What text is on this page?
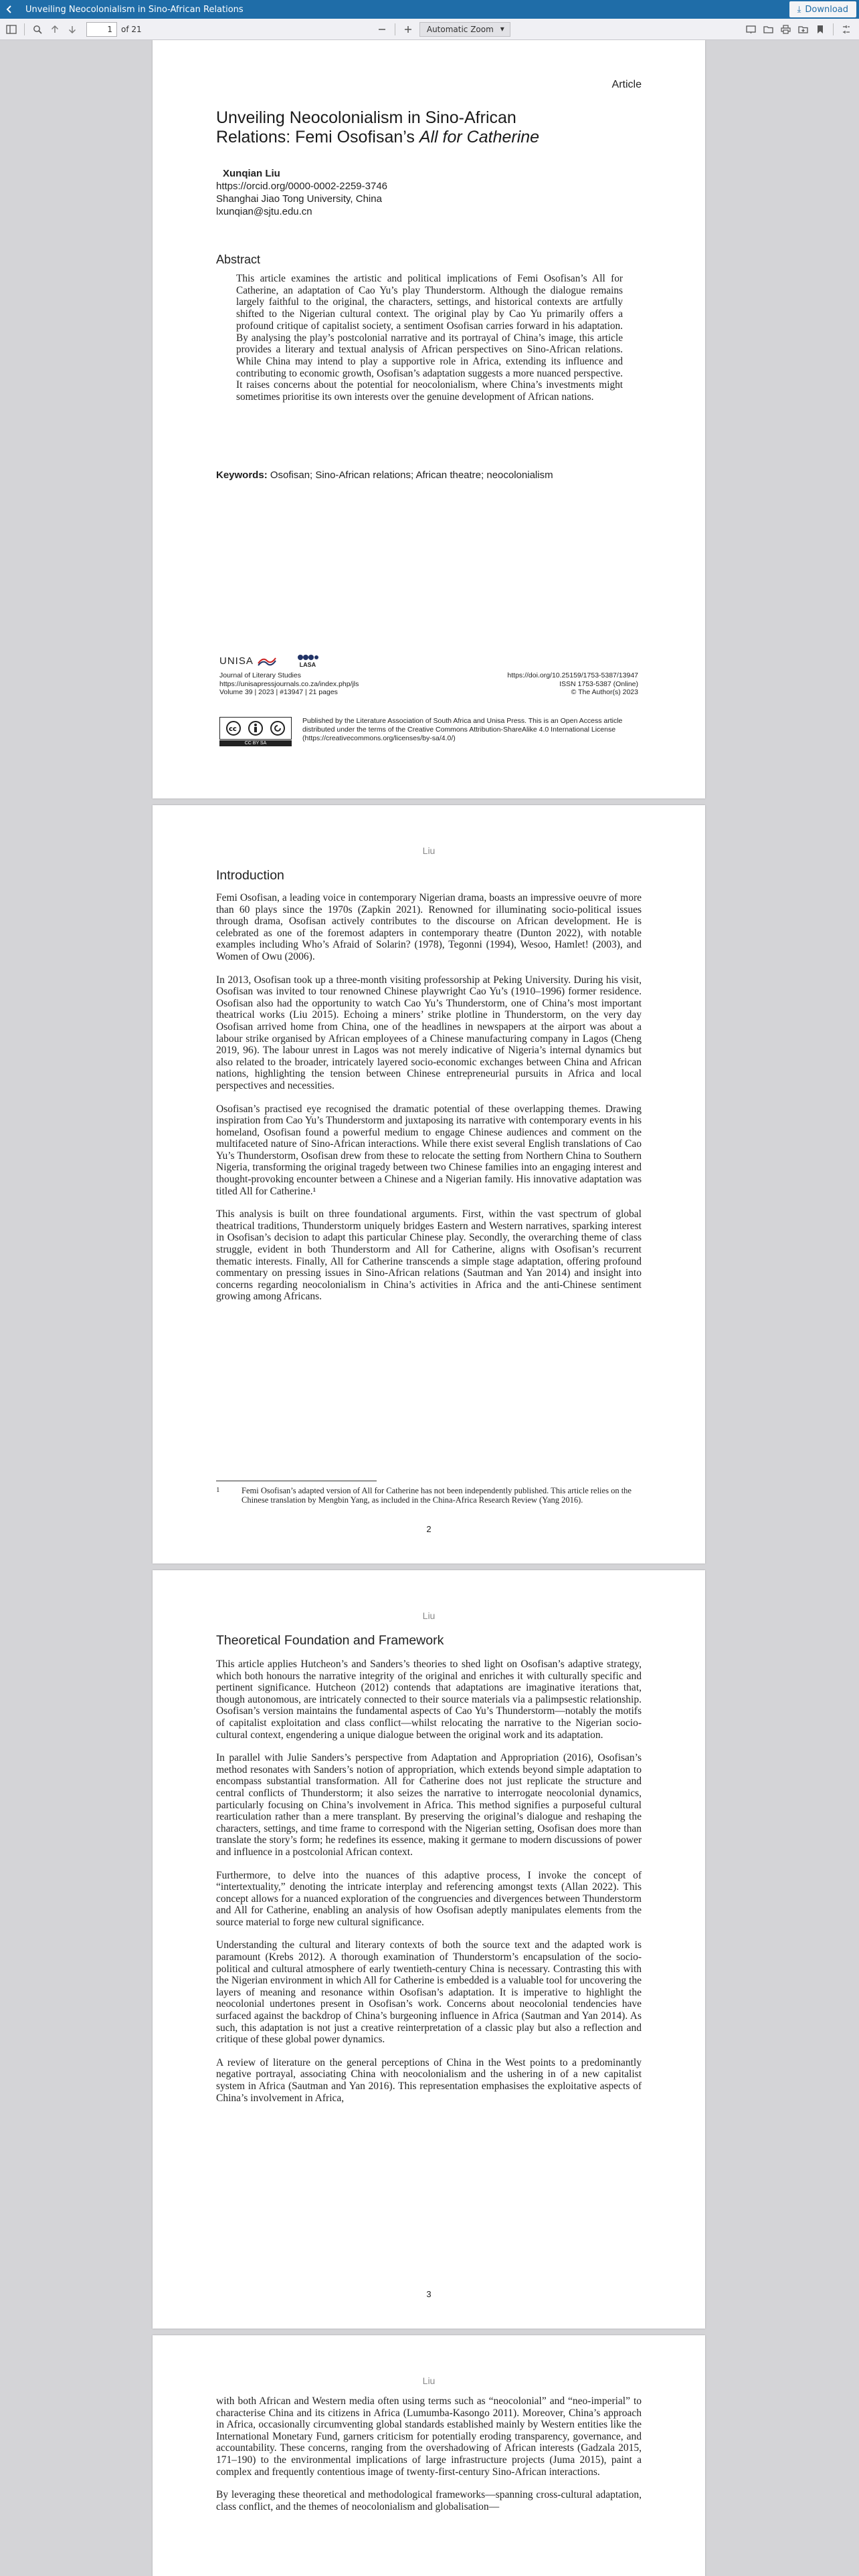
Unveiling Neocolonialism in Sino-African Relations	⤓ Download
1	of 21	Automatic Zoom ▾
Article
Unveiling Neocolonialism in Sino-African
Relations: Femi Osofisan’s All for Catherine
Xunqian Liu
https://orcid.org/0000-0002-2259-3746
Shanghai Jiao Tong University, China
lxunqian@sjtu.edu.cn
Abstract
This article examines the artistic and political implications of Femi Osofisan’s All for Catherine, an adaptation of Cao Yu’s play Thunderstorm. Although the dialogue remains largely faithful to the original, the characters, settings, and historical contexts are artfully shifted to the Nigerian cultural context. The original play by Cao Yu primarily offers a profound critique of capitalist society, a sentiment Osofisan carries forward in his adaptation. By analysing the play’s postcolonial narrative and its portrayal of China’s image, this article provides a literary and textual analysis of African perspectives on Sino-African relations. While China may intend to play a supportive role in Africa, extending its influence and contributing to economic growth, Osofisan’s adaptation suggests a more nuanced perspective. It raises concerns about the potential for neocolonialism, where China’s investments might sometimes prioritise its own interests over the genuine development of African nations.
Keywords: Osofisan; Sino-African relations; African theatre; neocolonialism
UNISA	LASA
Journal of Literary Studies
https://unisapressjournals.co.za/index.php/jls
Volume 39 | 2023 | #13947 | 21 pages
https://doi.org/10.25159/1753-5387/13947
ISSN 1753-5387 (Online)
© The Author(s) 2023
cc
CC BY SA
Published by the Literature Association of South Africa and Unisa Press. This is an Open Access article distributed under the terms of the Creative Commons Attribution-ShareAlike 4.0 International License (https://creativecommons.org/licenses/by-sa/4.0/)
Liu
Introduction

Femi Osofisan, a leading voice in contemporary Nigerian drama, boasts an impressive oeuvre of more than 60 plays since the 1970s (Zapkin 2021). Renowned for illuminating socio-political issues through drama, Osofisan actively contributes to the discourse on African development. He is celebrated as one of the foremost adapters in contemporary theatre (Dunton 2022), with notable examples including Who’s Afraid of Solarin? (1978), Tegonni (1994), Wesoo, Hamlet! (2003), and Women of Owu (2006).

In 2013, Osofisan took up a three-month visiting professorship at Peking University. During his visit, Osofisan was invited to tour renowned Chinese playwright Cao Yu’s (1910–1996) former residence. Osofisan also had the opportunity to watch Cao Yu’s Thunderstorm, one of China’s most important theatrical works (Liu 2015). Echoing a miners’ strike plotline in Thunderstorm, on the very day Osofisan arrived home from China, one of the headlines in newspapers at the airport was about a labour strike organised by African employees of a Chinese manufacturing company in Lagos (Cheng 2019, 96). The labour unrest in Lagos was not merely indicative of Nigeria’s internal dynamics but also related to the broader, intricately layered socio-economic exchanges between China and African nations, highlighting the tension between Chinese entrepreneurial pursuits in Africa and local perspectives and necessities.

Osofisan’s practised eye recognised the dramatic potential of these overlapping themes. Drawing inspiration from Cao Yu’s Thunderstorm and juxtaposing its narrative with contemporary events in his homeland, Osofisan found a powerful medium to engage Chinese audiences and comment on the multifaceted nature of Sino-African interactions. While there exist several English translations of Cao Yu’s Thunderstorm, Osofisan drew from these to relocate the setting from Northern China to Southern Nigeria, transforming the original tragedy between two Chinese families into an engaging interest and thought-provoking encounter between a Chinese and a Nigerian family. His innovative adaptation was titled All for Catherine.¹

This analysis is built on three foundational arguments. First, within the vast spectrum of global theatrical traditions, Thunderstorm uniquely bridges Eastern and Western narratives, sparking interest in Osofisan’s decision to adapt this particular Chinese play. Secondly, the overarching theme of class struggle, evident in both Thunderstorm and All for Catherine, aligns with Osofisan’s recurrent thematic interests. Finally, All for Catherine transcends a simple stage adaptation, offering profound commentary on pressing issues in Sino-African relations (Sautman and Yan 2014) and insight into concerns regarding neocolonialism in China’s activities in Africa and the anti-Chinese sentiment growing among Africans.

1	Femi Osofisan’s adapted version of All for Catherine has not been independently published. This article relies on the Chinese translation by Mengbin Yang, as included in the China-Africa Research Review (Yang 2016).
2
Liu
Theoretical Foundation and Framework

This article applies Hutcheon’s and Sanders’s theories to shed light on Osofisan’s adaptive strategy, which both honours the narrative integrity of the original and enriches it with culturally specific and pertinent significance. Hutcheon (2012) contends that adaptations are imaginative iterations that, though autonomous, are intricately connected to their source materials via a palimpsestic relationship. Osofisan’s version maintains the fundamental aspects of Cao Yu’s Thunderstorm—notably the motifs of capitalist exploitation and class conflict—whilst relocating the narrative to the Nigerian socio-cultural context, engendering a unique dialogue between the original work and its adaptation.

In parallel with Julie Sanders’s perspective from Adaptation and Appropriation (2016), Osofisan’s method resonates with Sanders’s notion of appropriation, which extends beyond simple adaptation to encompass substantial transformation. All for Catherine does not just replicate the structure and central conflicts of Thunderstorm; it also seizes the narrative to interrogate neocolonial dynamics, particularly focusing on China’s involvement in Africa. This method signifies a purposeful cultural rearticulation rather than a mere transplant. By preserving the original’s dialogue and reshaping the characters, settings, and time frame to correspond with the Nigerian setting, Osofisan does more than translate the story’s form; he redefines its essence, making it germane to modern discussions of power and influence in a postcolonial African context.

Furthermore, to delve into the nuances of this adaptive process, I invoke the concept of “intertextuality,” denoting the intricate interplay and referencing amongst texts (Allan 2022). This concept allows for a nuanced exploration of the congruencies and divergences between Thunderstorm and All for Catherine, enabling an analysis of how Osofisan adeptly manipulates elements from the source material to forge new cultural significance.

Understanding the cultural and literary contexts of both the source text and the adapted work is paramount (Krebs 2012). A thorough examination of Thunderstorm’s encapsulation of the socio-political and cultural atmosphere of early twentieth-century China is necessary. Contrasting this with the Nigerian environment in which All for Catherine is embedded is a valuable tool for uncovering the layers of meaning and resonance within Osofisan’s adaptation. It is imperative to highlight the neocolonial undertones present in Osofisan’s work. Concerns about neocolonial tendencies have surfaced against the backdrop of China’s burgeoning influence in Africa (Sautman and Yan 2014). As such, this adaptation is not just a creative reinterpretation of a classic play but also a reflection and critique of these global power dynamics.

A review of literature on the general perceptions of China in the West points to a predominantly negative portrayal, associating China with neocolonialism and the ushering in of a new capitalist system in Africa (Sautman and Yan 2016). This representation emphasises the exploitative aspects of China’s involvement in Africa,

3
Liu

with both African and Western media often using terms such as “neocolonial” and “neo-imperial” to characterise China and its citizens in Africa (Lumumba-Kasongo 2011). Moreover, China’s approach in Africa, occasionally circumventing global standards established mainly by Western entities like the International Monetary Fund, garners criticism for potentially eroding transparency, governance, and accountability. These concerns, ranging from the overshadowing of African interests (Gadzala 2015, 171–190) to the environmental implications of large infrastructure projects (Juma 2015), paint a complex and frequently contentious image of twenty-first-century Sino-African interactions.

By leveraging these theoretical and methodological frameworks—spanning cross-cultural adaptation, class conflict, and the themes of neocolonialism and globalisation—
